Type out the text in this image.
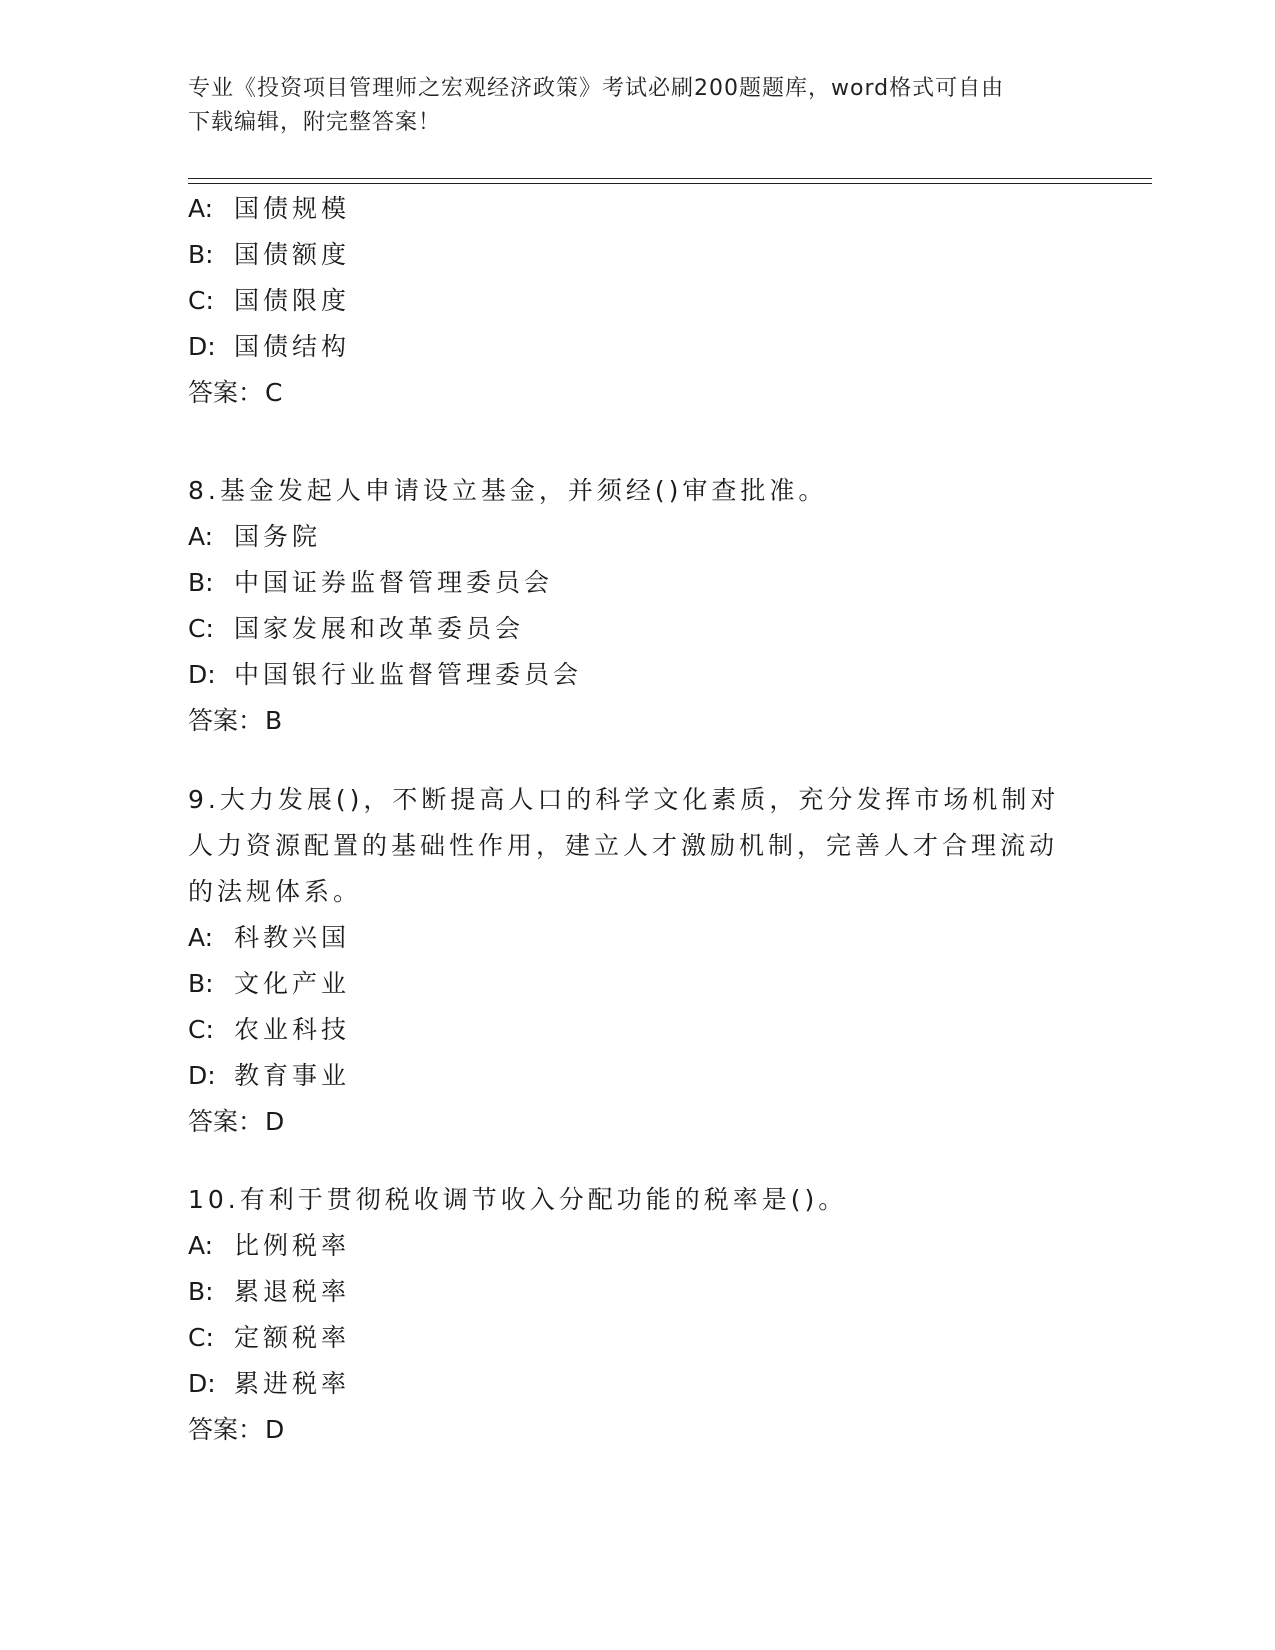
专业《投资项目管理师之宏观经济政策》考试必刷200题题库，word格式可自由
下载编辑，附完整答案！

A: 国债规模

B: 国债额度

C: 国债限度

D: 国债结构

答案：C

8.基金发起人申请设立基金，并须经()审查批准。

A: 国务院

B: 中国证券监督管理委员会

C: 国家发展和改革委员会

D: 中国银行业监督管理委员会

答案：B

9.大力发展()，不断提高人口的科学文化素质，充分发挥市场机制对

人力资源配置的基础性作用，建立人才激励机制，完善人才合理流动

的法规体系。

A: 科教兴国

B: 文化产业

C: 农业科技

D: 教育事业

答案：D

10.有利于贯彻税收调节收入分配功能的税率是()。

A: 比例税率

B: 累退税率

C: 定额税率

D: 累进税率

答案：D
